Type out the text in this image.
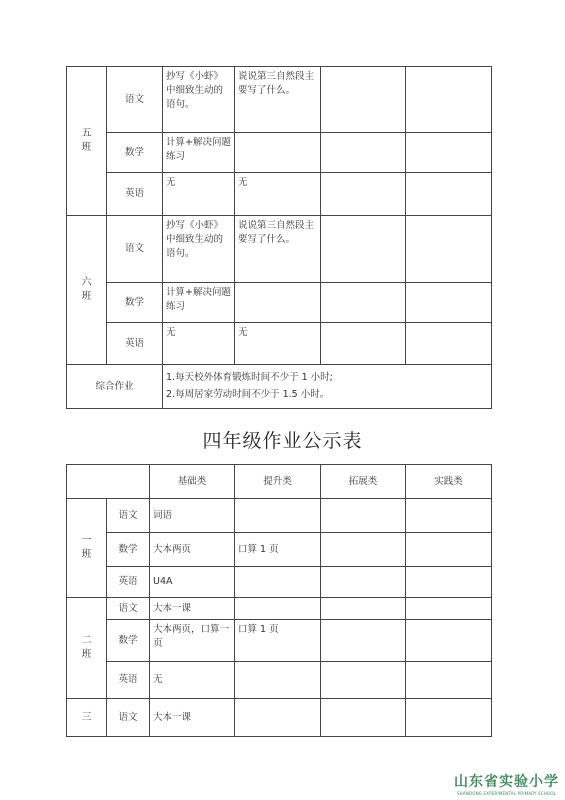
五
班	语文	抄写《小虾》中细致生动的语句。	说说第三自然段主要写了什么。		
	数学	计算+解决问题练习			
	英语	无	无		
六
班	语文	抄写《小虾》中细致生动的语句。	说说第三自然段主要写了什么。		
	数学	计算+解决问题练习			
	英语	无	无		
综合作业		1.每天校外体育锻炼时间不少于 1 小时;
2.每周居家劳动时间不少于 1.5 小时。			
四年级作业公示表
		基础类	提升类	拓展类	实践类
一
班	语文	词语			
	数学	大本两页	口算 1 页		
	英语	U4A			
二
班	语文	大本一课			
	数学	大本两页，口算一页	口算 1 页		
	英语	无			
三	语文	大本一课			
山东省实验小学
SHANDONG EXPERIMENTAL PRIMARY SCHOOL
